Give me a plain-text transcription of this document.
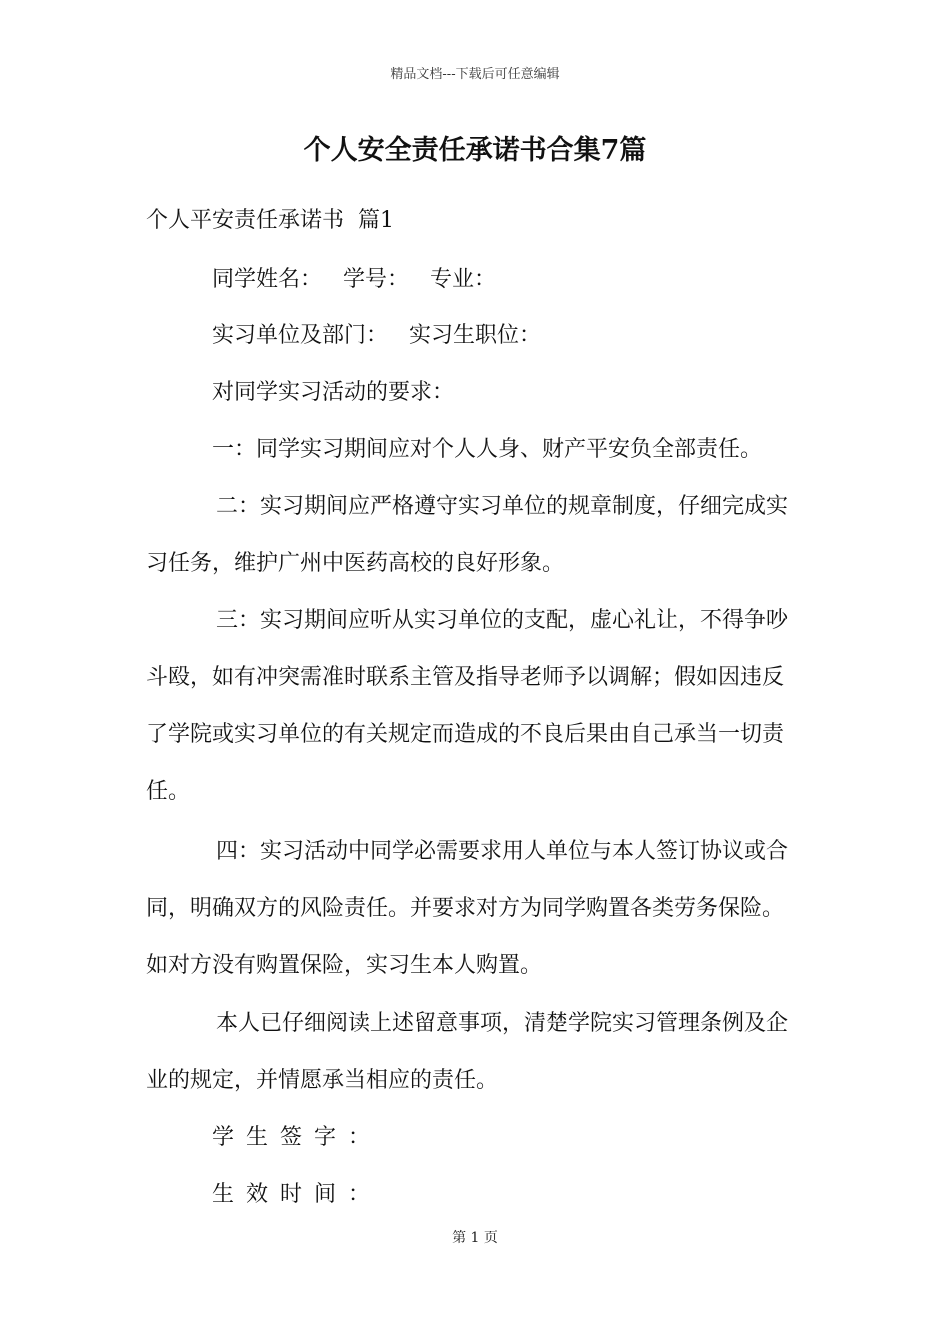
精品文档---下载后可任意编辑
个人安全责任承诺书合集7篇
个人平安责任承诺书  篇1
同学姓名：   学号：   专业：
实习单位及部门：   实习生职位：
对同学实习活动的要求：
一：同学实习期间应对个人人身、财产平安负全部责任。
二：实习期间应严格遵守实习单位的规章制度，仔细完成实
习任务，维护广州中医药高校的良好形象。
三：实习期间应听从实习单位的支配，虚心礼让，不得争吵
斗殴，如有冲突需准时联系主管及指导老师予以调解；假如因违反
了学院或实习单位的有关规定而造成的不良后果由自己承当一切责
任。
四：实习活动中同学必需要求用人单位与本人签订协议或合
同，明确双方的风险责任。并要求对方为同学购置各类劳务保险。
如对方没有购置保险，实习生本人购置。
本人已仔细阅读上述留意事项，清楚学院实习管理条例及企
业的规定，并情愿承当相应的责任。
学生签字：
生效时间：
第 1 页
